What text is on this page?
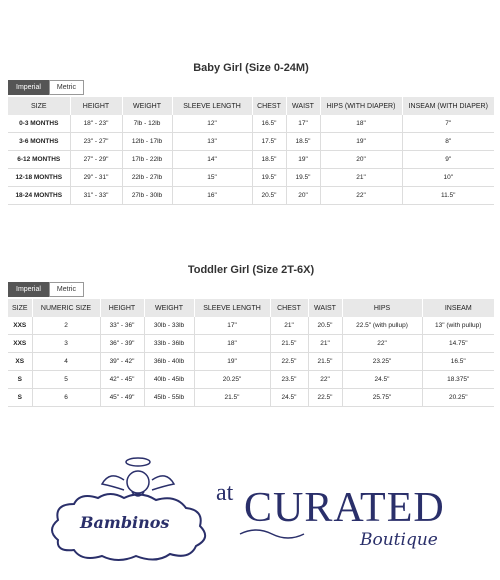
Baby Girl (Size 0-24M)
Imperial	Metric
SIZE	HEIGHT	WEIGHT	SLEEVE LENGTH	CHEST	WAIST	HIPS (WITH DIAPER)	INSEAM (WITH DIAPER)
0-3 MONTHS	18" - 23"	7lb - 12lb	12"	16.5"	17"	18"	7"
3-6 MONTHS	23" - 27"	12lb - 17lb	13"	17.5"	18.5"	19"	8"
6-12 MONTHS	27" - 29"	17lb - 22lb	14"	18.5"	19"	20"	9"
12-18 MONTHS	29" - 31"	22lb - 27lb	15"	19.5"	19.5"	21"	10"
18-24 MONTHS	31" - 33"	27lb - 30lb	16"	20.5"	20"	22"	11.5"
Toddler Girl (Size 2T-6X)
Imperial	Metric
SIZE	NUMERIC SIZE	HEIGHT	WEIGHT	SLEEVE LENGTH	CHEST	WAIST	HIPS	INSEAM
XXS	2	33" - 36"	30lb - 33lb	17"	21"	20.5"	22.5" (with pullup)	13" (with pullup)
XXS	3	36" - 39"	33lb - 36lb	18"	21.5"	21"	22"	14.75"
XS	4	39" - 42"	36lb - 40lb	19"	22.5"	21.5"	23.25"	16.5"
S	5	42" - 45"	40lb - 45lb	20.25"	23.5"	22"	24.5"	18.375"
S	6	45" - 49"	45lb - 55lb	21.5"	24.5"	22.5"	25.75"	20.25"
Bambinos
at CURATED
Boutique
